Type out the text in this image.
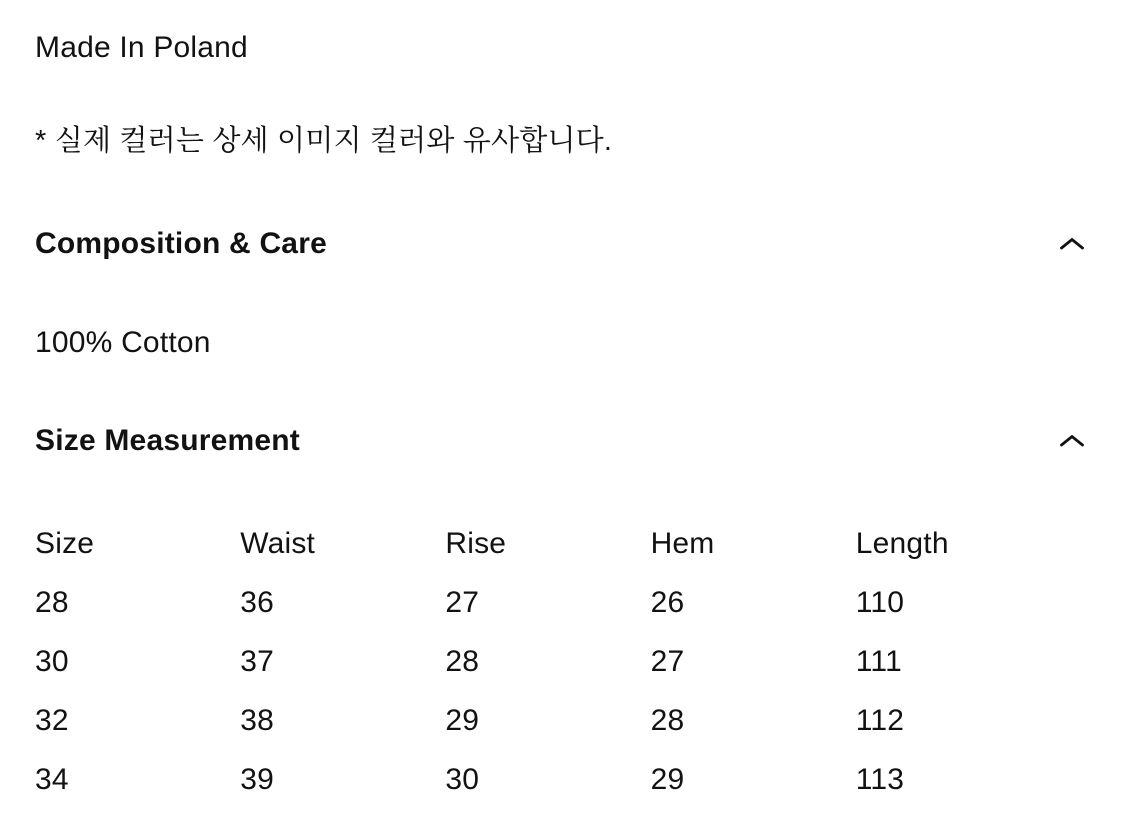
Made In Poland

* 실제 컬러는 상세 이미지 컬러와 유사합니다.

Composition & Care

100% Cotton

Size Measurement
Size	Waist	Rise	Hem	Length
28	36	27	26	110
30	37	28	27	111
32	38	29	28	112
34	39	30	29	113
